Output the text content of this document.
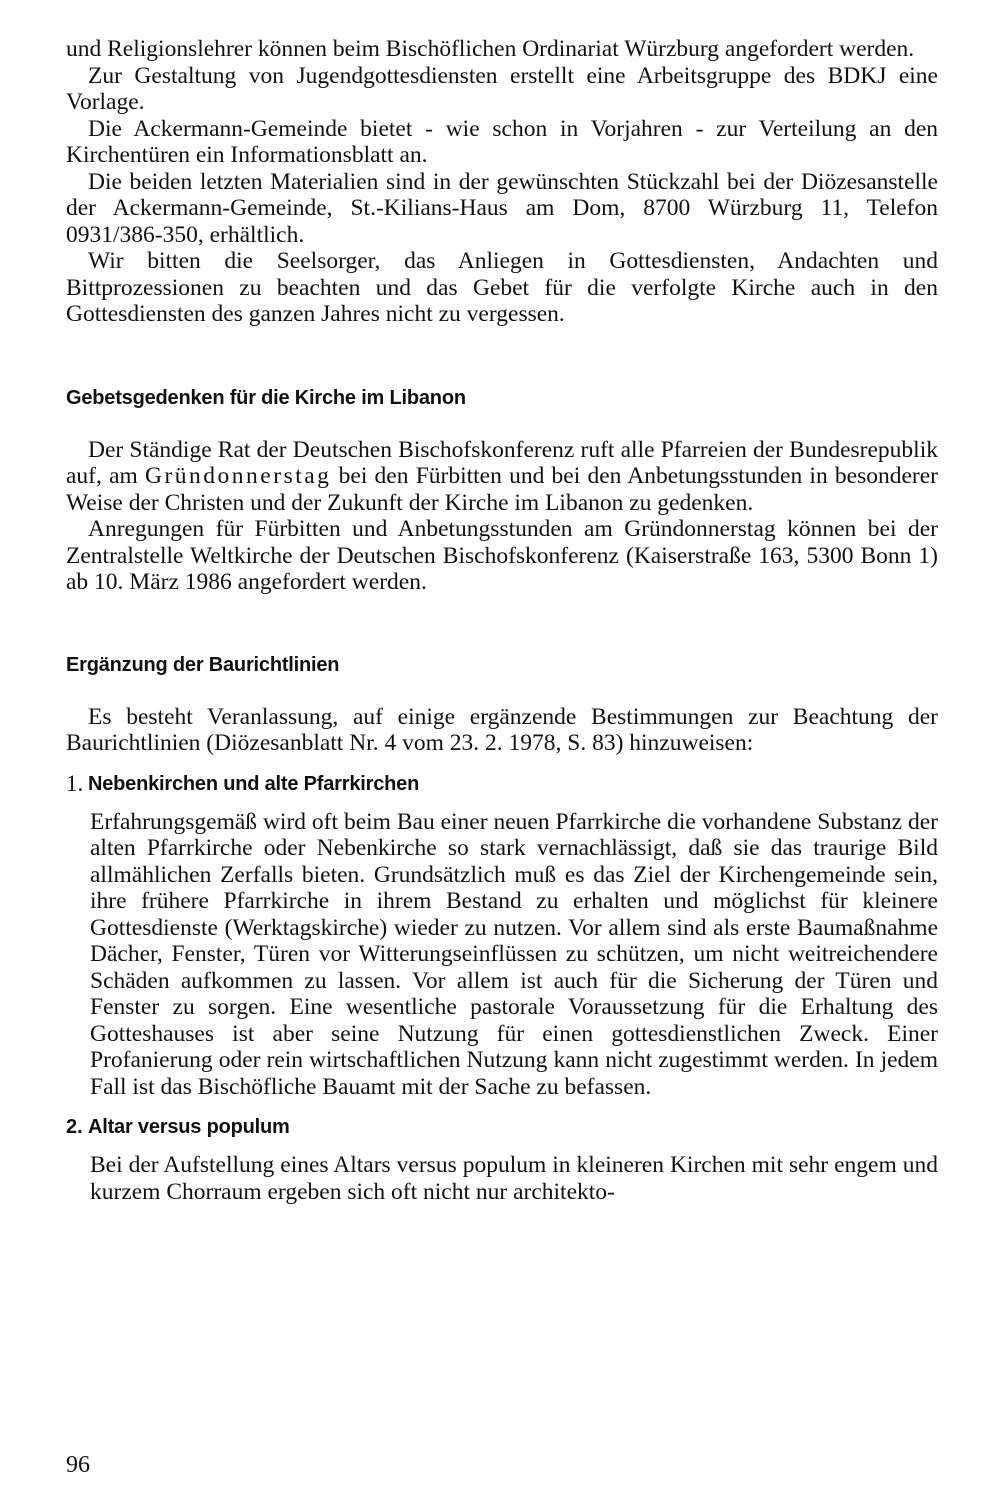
und Religionslehrer können beim Bischöflichen Ordinariat Würzburg angefordert werden.

Zur Gestaltung von Jugendgottesdiensten erstellt eine Arbeitsgruppe des BDKJ eine Vorlage.

Die Ackermann-Gemeinde bietet - wie schon in Vorjahren - zur Verteilung an den Kirchentüren ein Informationsblatt an.

Die beiden letzten Materialien sind in der gewünschten Stückzahl bei der Diözesanstelle der Ackermann-Gemeinde, St.-Kilians-Haus am Dom, 8700 Würzburg 11, Telefon 0931/386-350, erhältlich.

Wir bitten die Seelsorger, das Anliegen in Gottesdiensten, Andachten und Bittprozessionen zu beachten und das Gebet für die verfolgte Kirche auch in den Gottesdiensten des ganzen Jahres nicht zu vergessen.

Gebetsgedenken für die Kirche im Libanon

Der Ständige Rat der Deutschen Bischofskonferenz ruft alle Pfarreien der Bundesrepublik auf, am Gründonnerstag bei den Fürbitten und bei den Anbetungsstunden in besonderer Weise der Christen und der Zukunft der Kirche im Libanon zu gedenken.

Anregungen für Fürbitten und Anbetungsstunden am Gründonnerstag können bei der Zentralstelle Weltkirche der Deutschen Bischofskonferenz (Kaiserstraße 163, 5300 Bonn 1) ab 10. März 1986 angefordert werden.

Ergänzung der Baurichtlinien

Es besteht Veranlassung, auf einige ergänzende Bestimmungen zur Beachtung der Baurichtlinien (Diözesanblatt Nr. 4 vom 23. 2. 1978, S. 83) hinzuweisen:

1. Nebenkirchen und alte Pfarrkirchen

Erfahrungsgemäß wird oft beim Bau einer neuen Pfarrkirche die vorhandene Substanz der alten Pfarrkirche oder Nebenkirche so stark vernachlässigt, daß sie das traurige Bild allmählichen Zerfalls bieten. Grundsätzlich muß es das Ziel der Kirchengemeinde sein, ihre frühere Pfarrkirche in ihrem Bestand zu erhalten und möglichst für kleinere Gottesdienste (Werktagskirche) wieder zu nutzen. Vor allem sind als erste Baumaßnahme Dächer, Fenster, Türen vor Witterungseinflüssen zu schützen, um nicht weitreichendere Schäden aufkommen zu lassen. Vor allem ist auch für die Sicherung der Türen und Fenster zu sorgen. Eine wesentliche pastorale Voraussetzung für die Erhaltung des Gotteshauses ist aber seine Nutzung für einen gottesdienstlichen Zweck. Einer Profanierung oder rein wirtschaftlichen Nutzung kann nicht zugestimmt werden. In jedem Fall ist das Bischöfliche Bauamt mit der Sache zu befassen.

2. Altar versus populum

Bei der Aufstellung eines Altars versus populum in kleineren Kirchen mit sehr engem und kurzem Chorraum ergeben sich oft nicht nur architekto-

96
